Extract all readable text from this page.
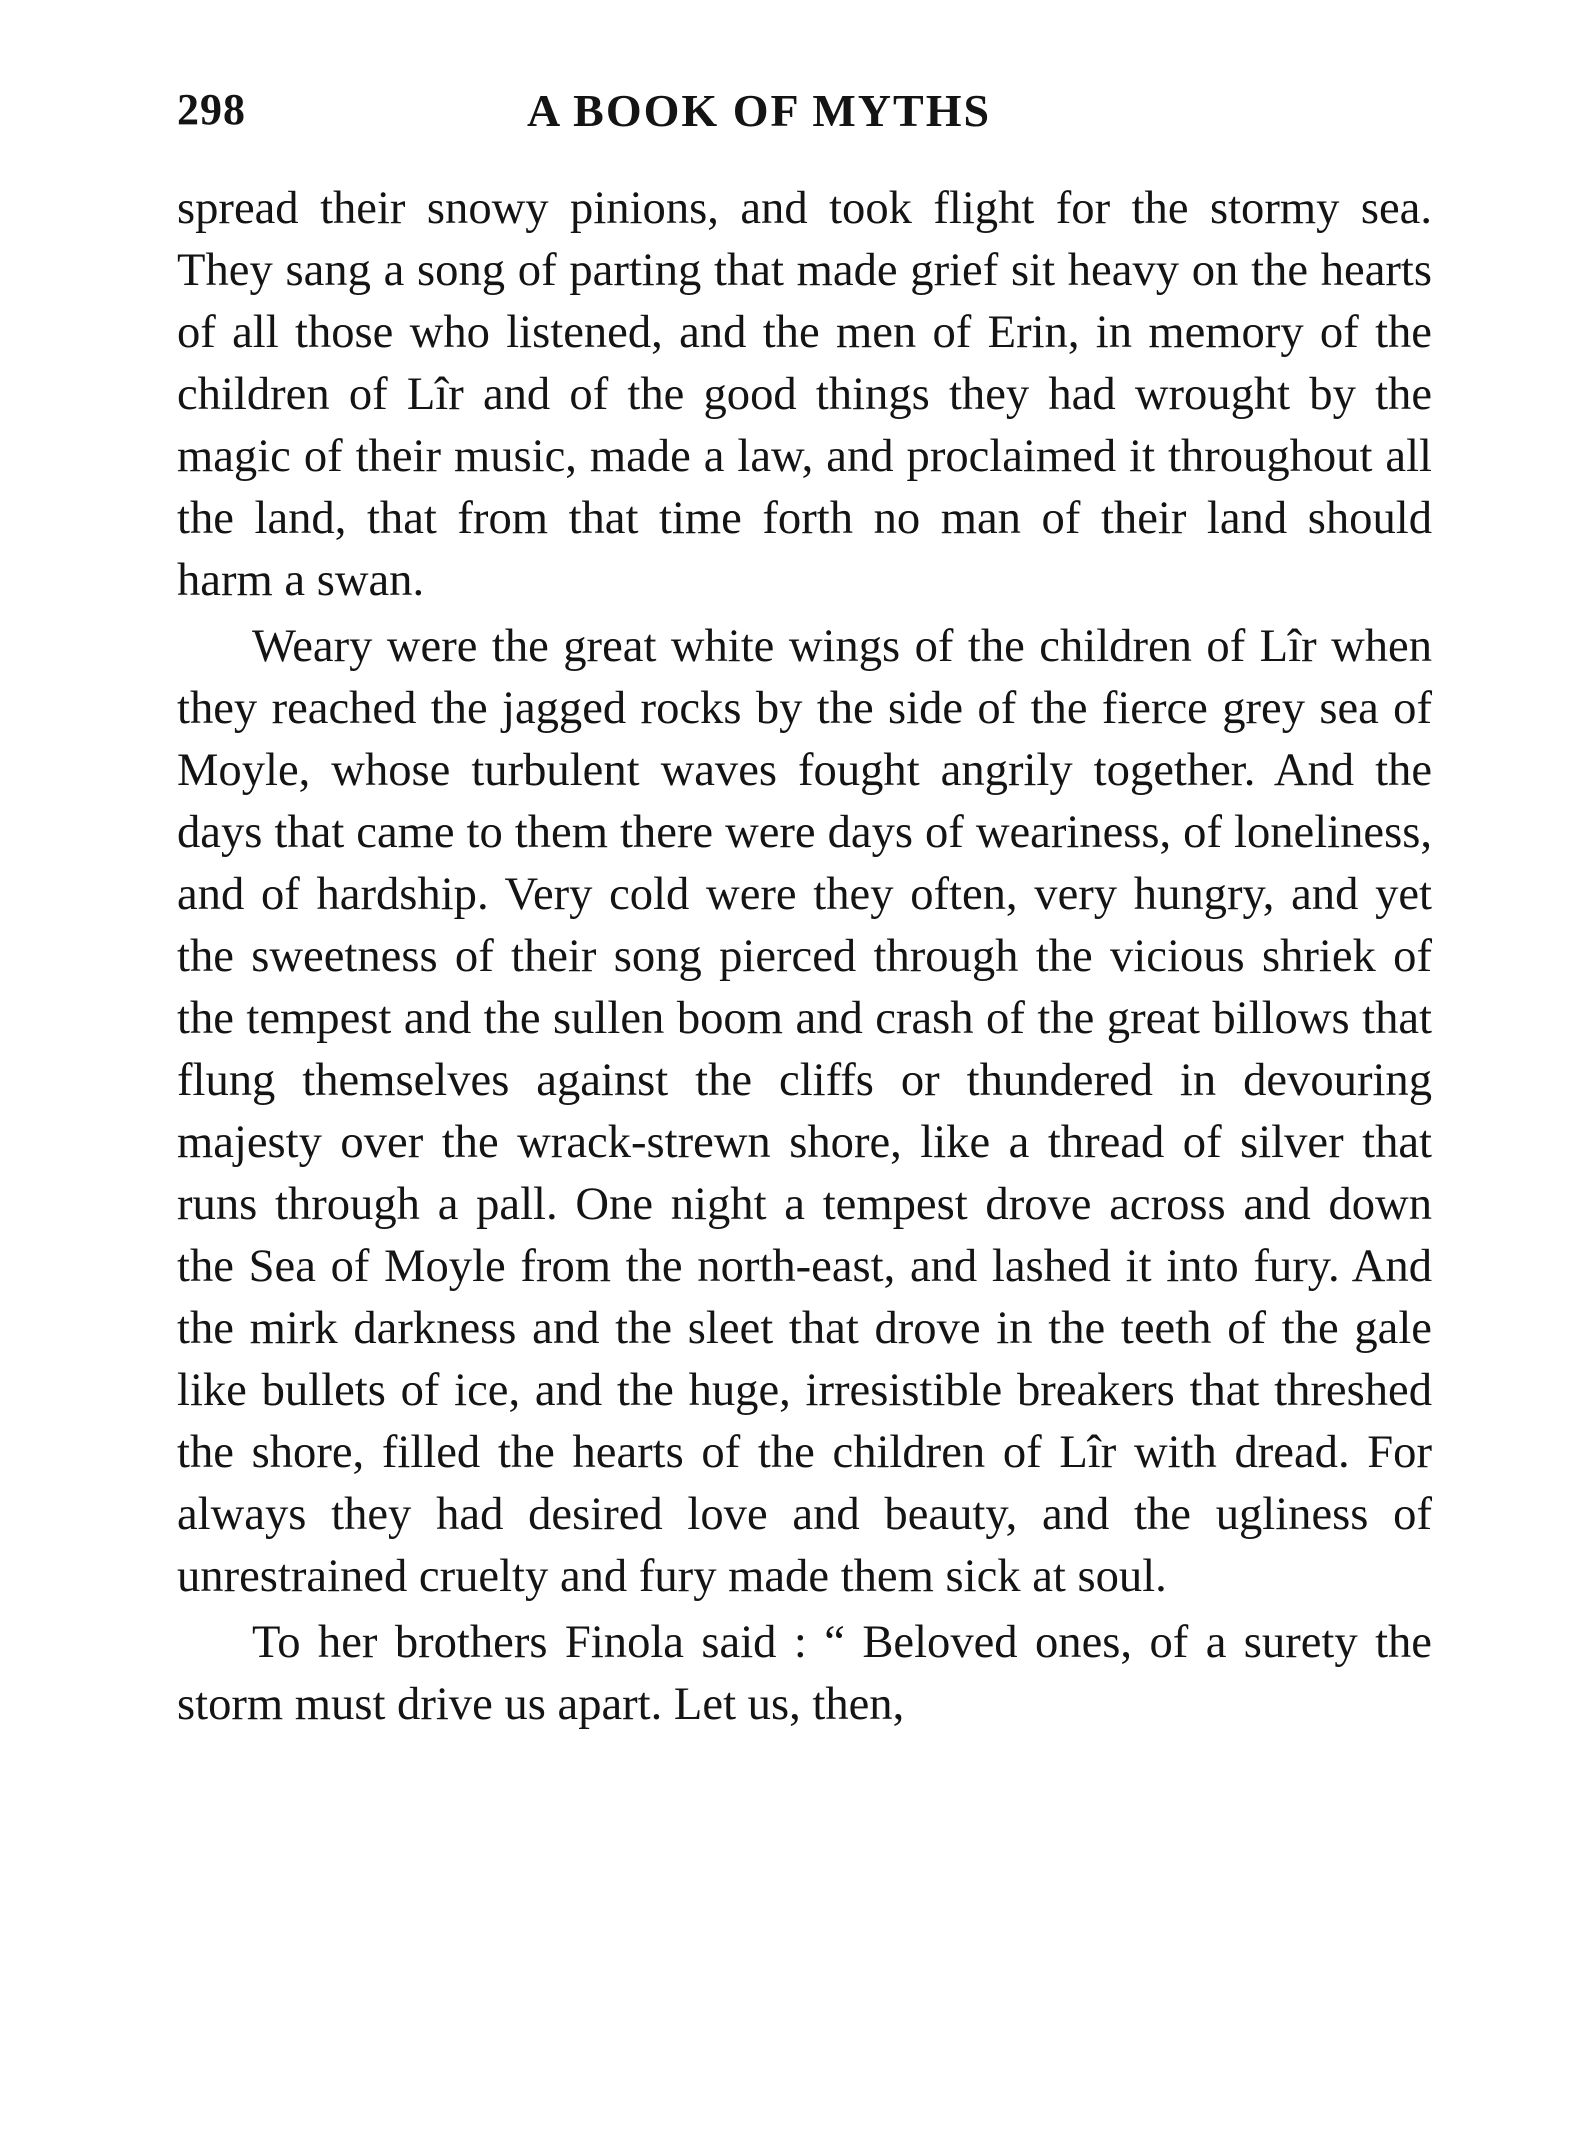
298	A BOOK OF MYTHS

spread their snowy pinions, and took flight for the stormy sea. They sang a song of parting that made grief sit heavy on the hearts of all those who listened, and the men of Erin, in memory of the children of Lîr and of the good things they had wrought by the magic of their music, made a law, and proclaimed it throughout all the land, that from that time forth no man of their land should harm a swan.

Weary were the great white wings of the children of Lîr when they reached the jagged rocks by the side of the fierce grey sea of Moyle, whose turbulent waves fought angrily together. And the days that came to them there were days of weariness, of loneliness, and of hardship. Very cold were they often, very hungry, and yet the sweetness of their song pierced through the vicious shriek of the tempest and the sullen boom and crash of the great billows that flung themselves against the cliffs or thundered in devouring majesty over the wrack-strewn shore, like a thread of silver that runs through a pall. One night a tempest drove across and down the Sea of Moyle from the north-east, and lashed it into fury. And the mirk darkness and the sleet that drove in the teeth of the gale like bullets of ice, and the huge, irresistible breakers that threshed the shore, filled the hearts of the children of Lîr with dread. For always they had desired love and beauty, and the ugliness of unrestrained cruelty and fury made them sick at soul.

To her brothers Finola said : “ Beloved ones, of a surety the storm must drive us apart. Let us, then,
